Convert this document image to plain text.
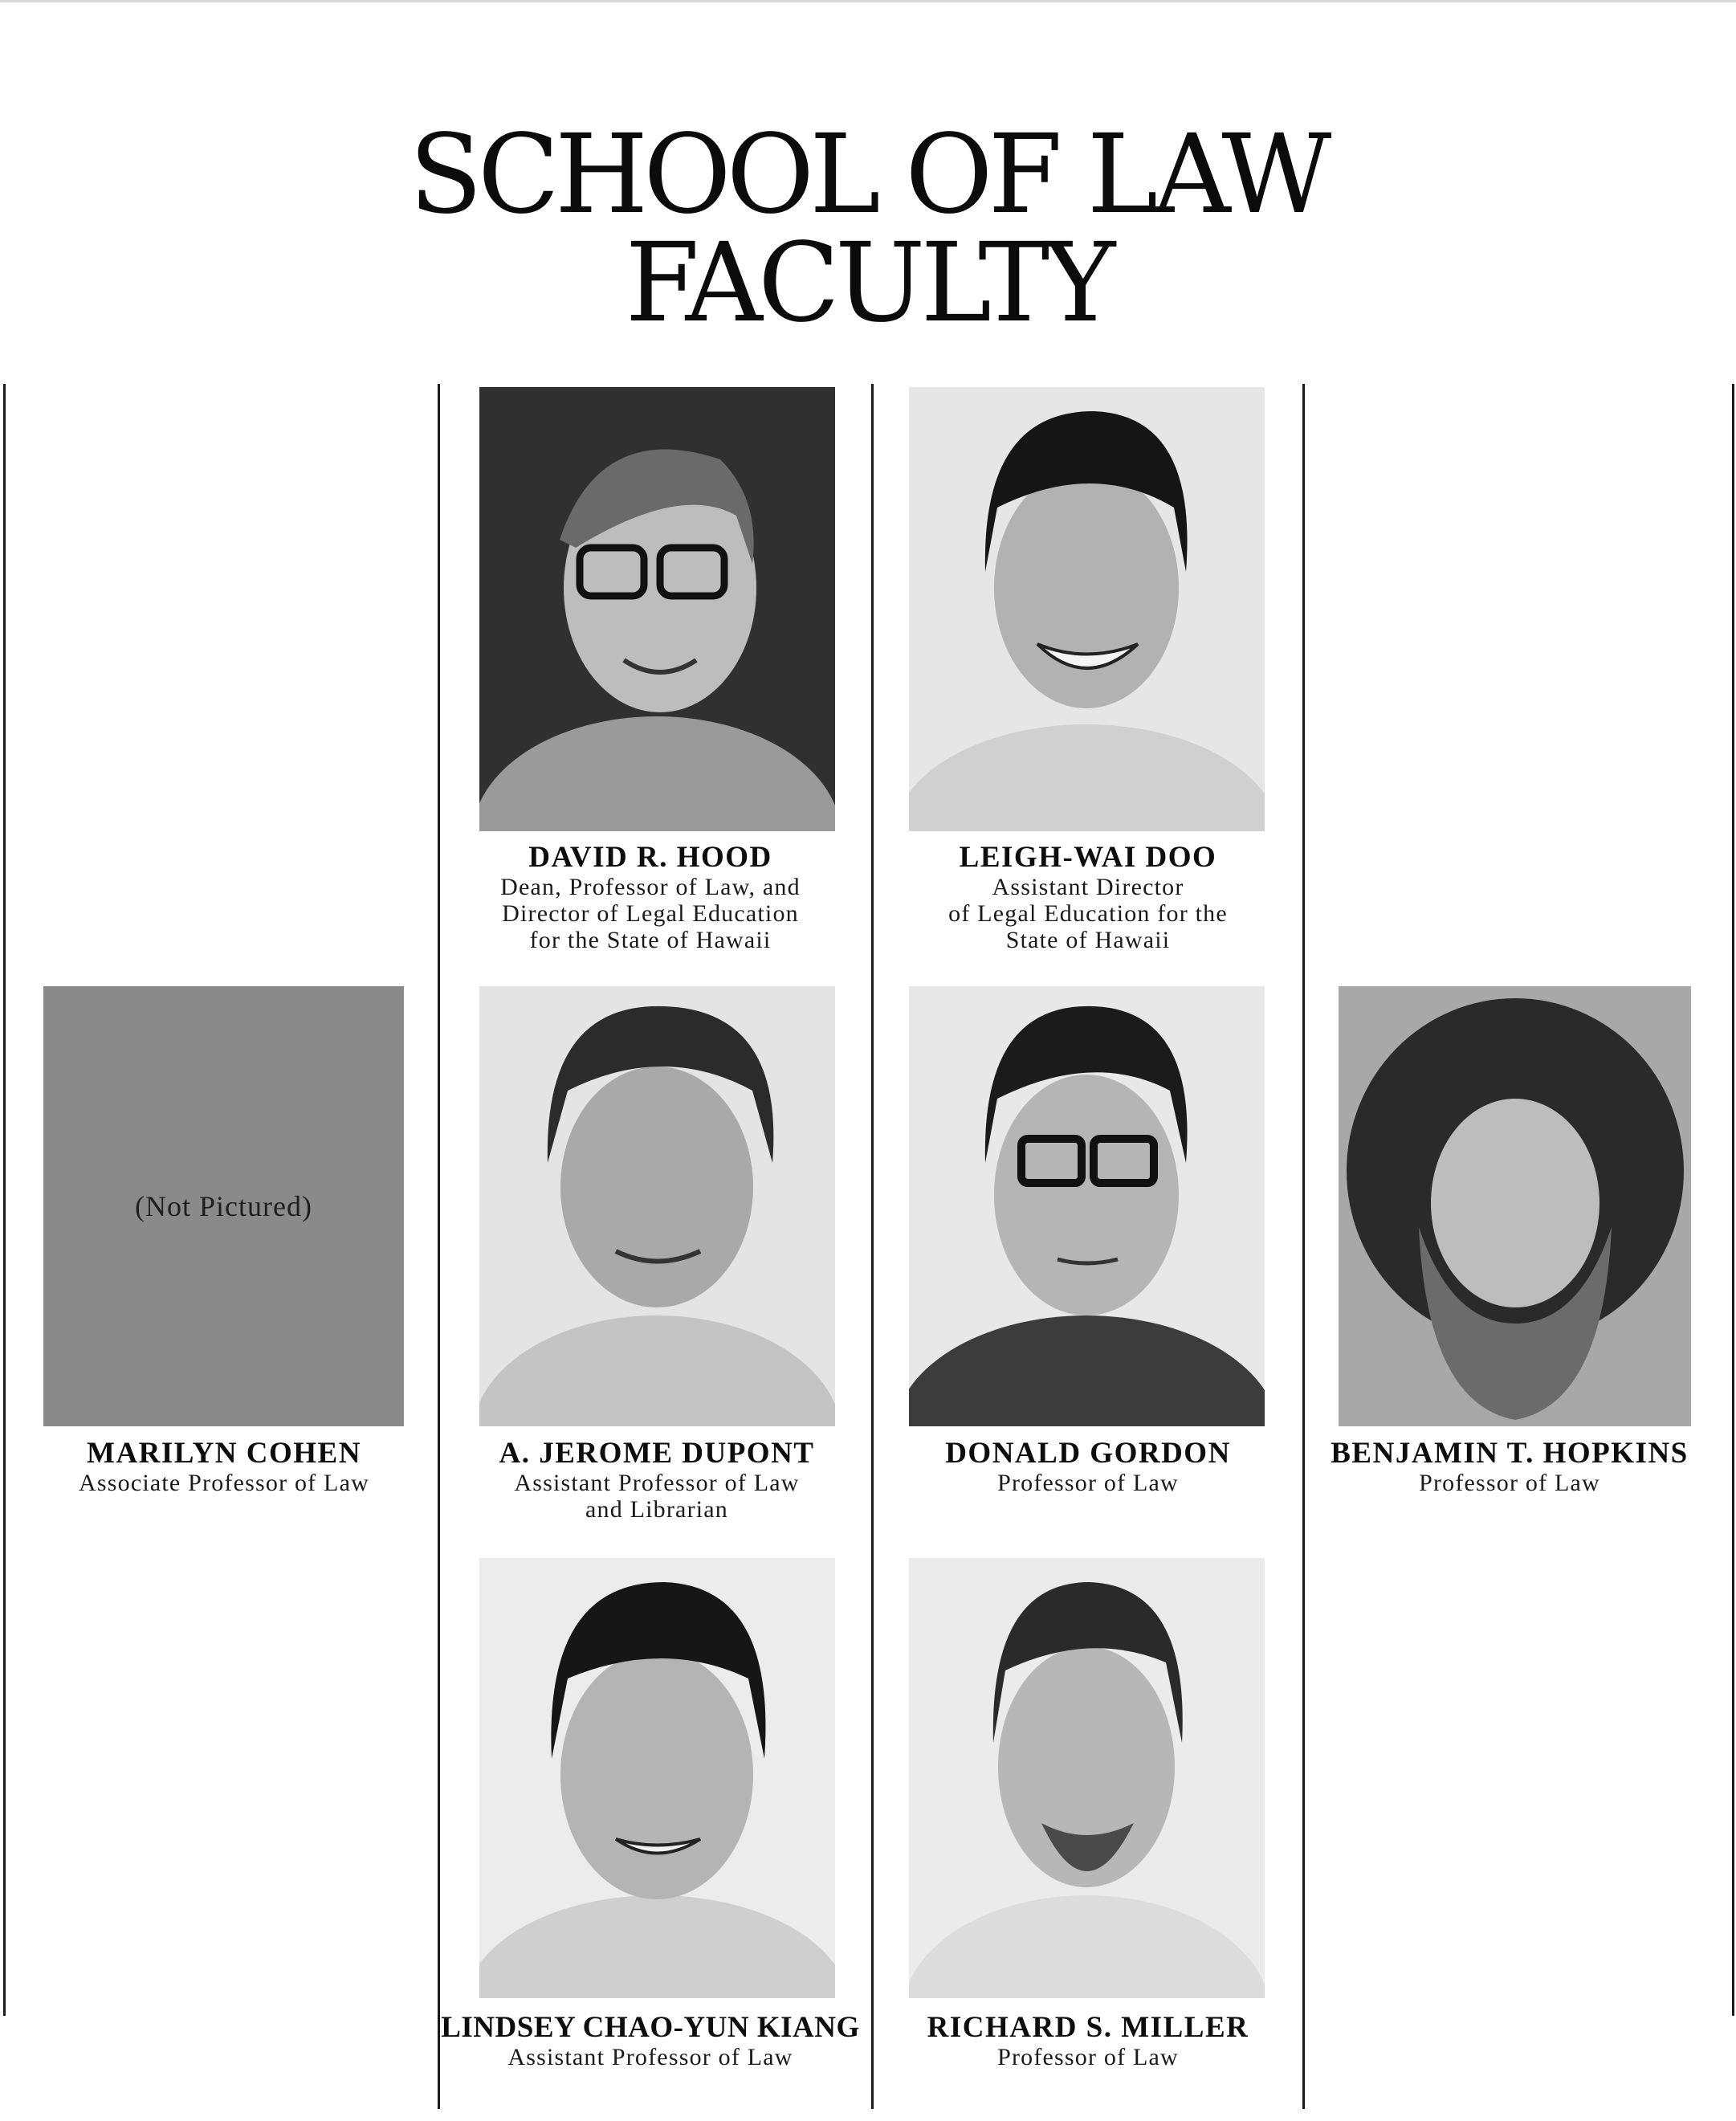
SCHOOL OF LAW
FACULTY
DAVID R. HOOD
Dean, Professor of Law, and
Director of Legal Education
for the State of Hawaii
LEIGH-WAI DOO
Assistant Director
of Legal Education for the
State of Hawaii
(Not Pictured)
MARILYN COHEN
Associate Professor of Law
A. JEROME DUPONT
Assistant Professor of Law
and Librarian
DONALD GORDON
Professor of Law
BENJAMIN T. HOPKINS
Professor of Law
LINDSEY CHAO-YUN KIANG
Assistant Professor of Law
RICHARD S. MILLER
Professor of Law
